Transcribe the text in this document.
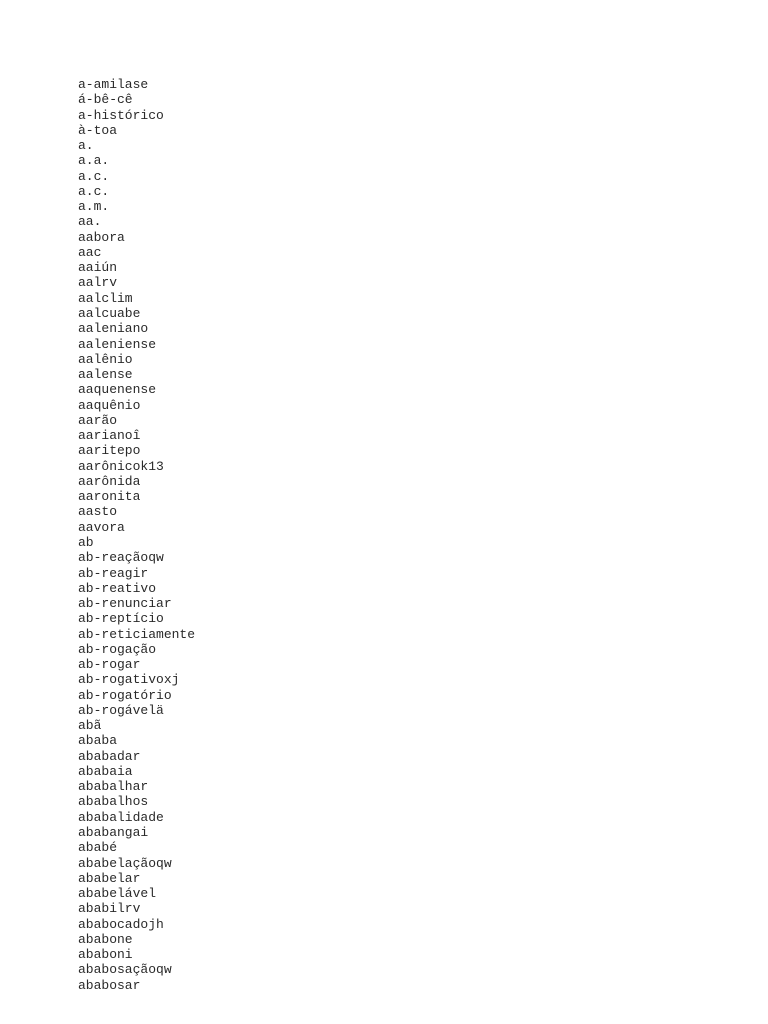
a-amilase
á-bê-cê
a-histórico
à-toa
a.
a.a.
a.c.
a.c.
a.m.
aa.
aabora
aac
aaiún
aalrv
aalclim
aalcuabe
aaleniano
aaleniense
aalênio
aalense
aaquenense
aaquênio
aarão
aarianoî
aaritepo
aarônicok13
aarônida
aaronita
aasto
aavora
ab
ab-reaçãoqw
ab-reagir
ab-reativo
ab-renunciar
ab-reptício
ab-reticiamente
ab-rogação
ab-rogar
ab-rogativoxj
ab-rogatório
ab-rogávelä
abã
ababa
ababadar
ababaia
ababalhar
ababalhos
ababalidade
ababangai
ababé
ababelaçãoqw
ababelar
ababelável
ababilrv
ababocadojh
ababone
ababoni
ababosaçãoqw
ababosar
